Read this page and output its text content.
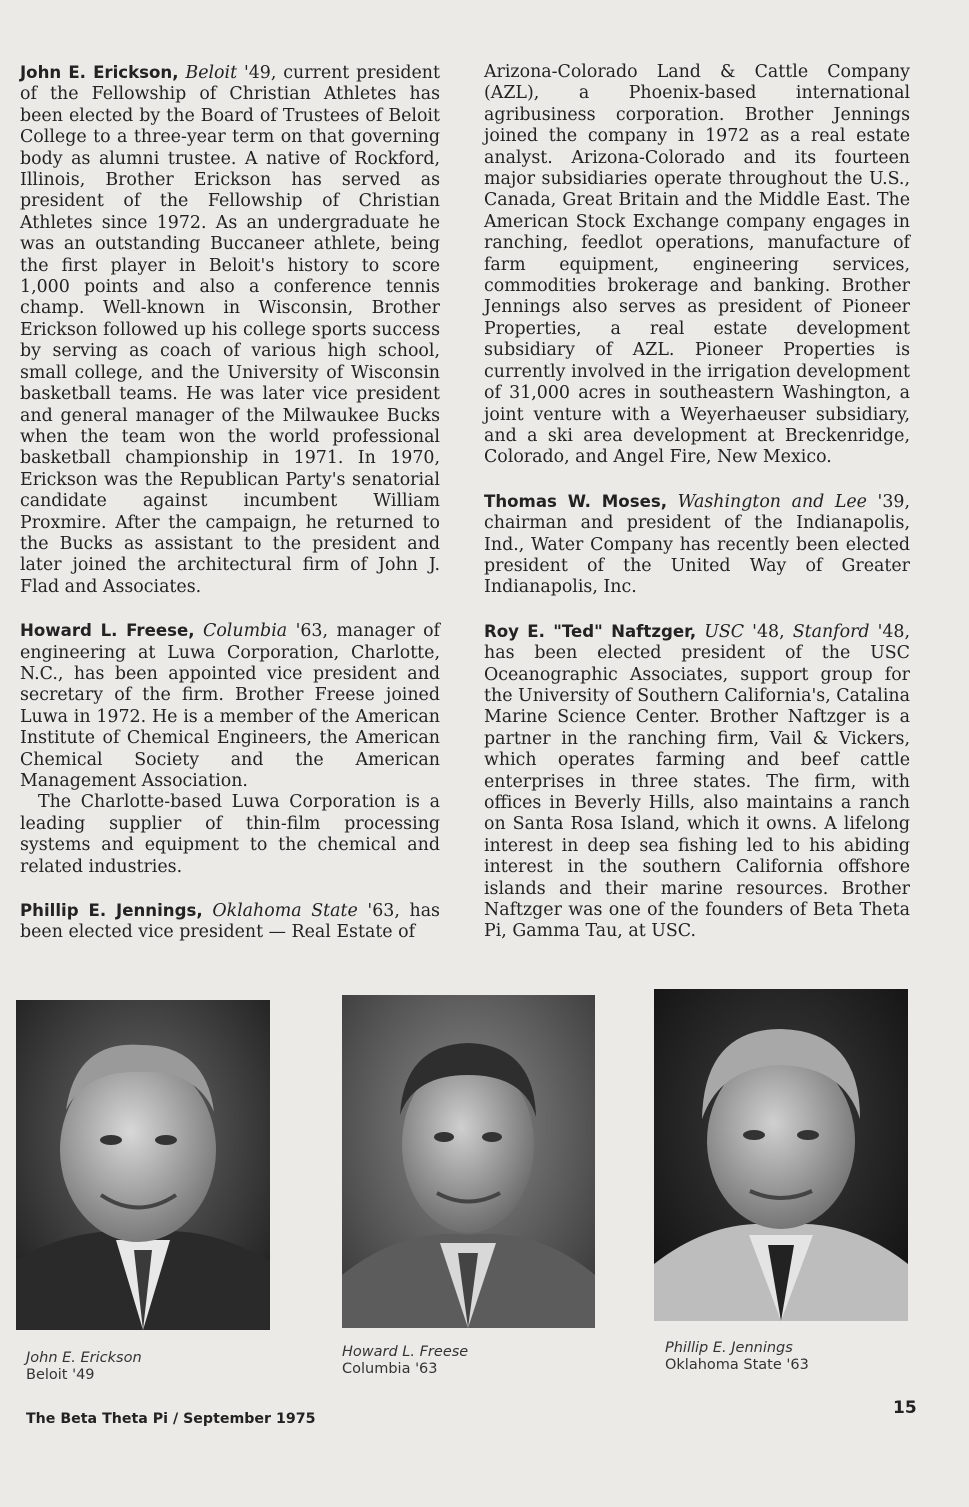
John E. Erickson, Beloit '49, current president of the Fellowship of Christian Athletes has been elected by the Board of Trustees of Beloit College to a three-year term on that governing body as alumni trustee. A native of Rockford, Illinois, Brother Erickson has served as president of the Fellowship of Christian Athletes since 1972. As an undergraduate he was an outstanding Buccaneer athlete, being the first player in Beloit's history to score 1,000 points and also a conference tennis champ. Well-known in Wisconsin, Brother Erickson followed up his college sports success by serving as coach of various high school, small college, and the University of Wisconsin basketball teams. He was later vice president and general manager of the Milwaukee Bucks when the team won the world professional basketball championship in 1971. In 1970, Erickson was the Republican Party's senatorial candidate against incumbent William Proxmire. After the campaign, he returned to the Bucks as assistant to the president and later joined the architectural firm of John J. Flad and Associates.

Howard L. Freese, Columbia '63, manager of engineering at Luwa Corporation, Charlotte, N.C., has been appointed vice president and secretary of the firm. Brother Freese joined Luwa in 1972. He is a member of the American Institute of Chemical Engineers, the American Chemical Society and the American Management Association.

The Charlotte-based Luwa Corporation is a leading supplier of thin-film processing systems and equipment to the chemical and related industries.

Phillip E. Jennings, Oklahoma State '63, has been elected vice president — Real Estate of

Arizona-Colorado Land & Cattle Company (AZL), a Phoenix-based international agribusiness corporation. Brother Jennings joined the company in 1972 as a real estate analyst. Arizona-Colorado and its fourteen major subsidiaries operate throughout the U.S., Canada, Great Britain and the Middle East. The American Stock Exchange company engages in ranching, feedlot operations, manufacture of farm equipment, engineering services, commodities brokerage and banking. Brother Jennings also serves as president of Pioneer Properties, a real estate development subsidiary of AZL. Pioneer Properties is currently involved in the irrigation development of 31,000 acres in southeastern Washington, a joint venture with a Weyerhaeuser subsidiary, and a ski area development at Breckenridge, Colorado, and Angel Fire, New Mexico.

Thomas W. Moses, Washington and Lee '39, chairman and president of the Indianapolis, Ind., Water Company has recently been elected president of the United Way of Greater Indianapolis, Inc.

Roy E. "Ted" Naftzger, USC '48, Stanford '48, has been elected president of the USC Oceanographic Associates, support group for the University of Southern California's, Catalina Marine Science Center. Brother Naftzger is a partner in the ranching firm, Vail & Vickers, which operates farming and beef cattle enterprises in three states. The firm, with offices in Beverly Hills, also maintains a ranch on Santa Rosa Island, which it owns. A lifelong interest in deep sea fishing led to his abiding interest in the southern California offshore islands and their marine resources. Brother Naftzger was one of the founders of Beta Theta Pi, Gamma Tau, at USC.

John E. Erickson
Beloit '49
Howard L. Freese
Columbia '63
Phillip E. Jennings
Oklahoma State '63
The Beta Theta Pi / September 1975
15
